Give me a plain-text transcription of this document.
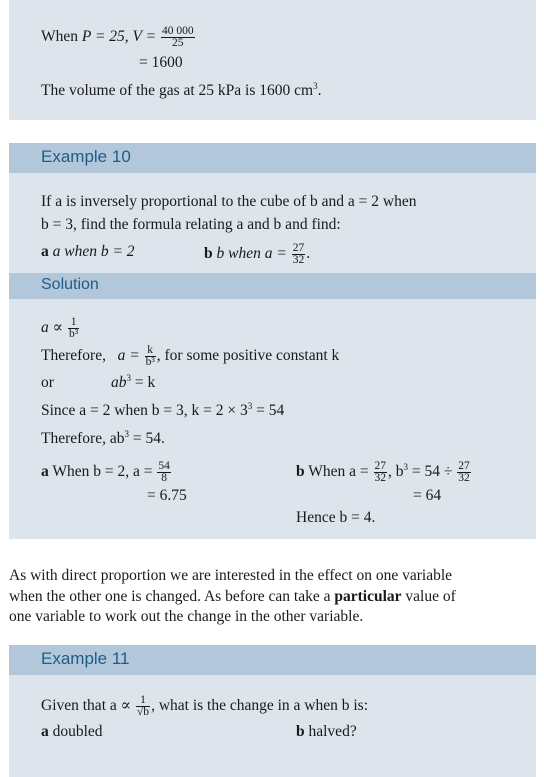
When P = 25, $V = \frac{40 000}{25}$
= 1600
The volume of the gas at 25 kPa is 1600 $cm^3$.
Example 10
If a is inversely proportional to the cube of b and a = 2 when
b = 3, find the formula relating a and b and find:
a a when b = 2	b b when $a = \frac{27}{32}$ .
Solution
$a \propto \frac{1}{\text{b³}}$
Therefore, $a = \frac{k}{\text{b³}}$ , for some positive constant k
or	$ab^3 = k$
Since a = 2 when b = 3, $k = 2 \times 3^3 = 54$
Therefore, $ab^3 = 54$.
a When b = 2, $a = \frac{54}{8}$
= 6.75
b When $a = \frac{27}{32}$ , $b^3 = 54 \div \frac{27}{32}$
= 64
Hence b = 4.
As with direct proportion we are interested in the effect on one variable
when the other one is changed. As before can take a particular value of
one variable to work out the change in the other variable.
Example 11
Given that $a \propto \frac{1}{√b}$ , what is the change in a when b is:
a doubled	b halved?
